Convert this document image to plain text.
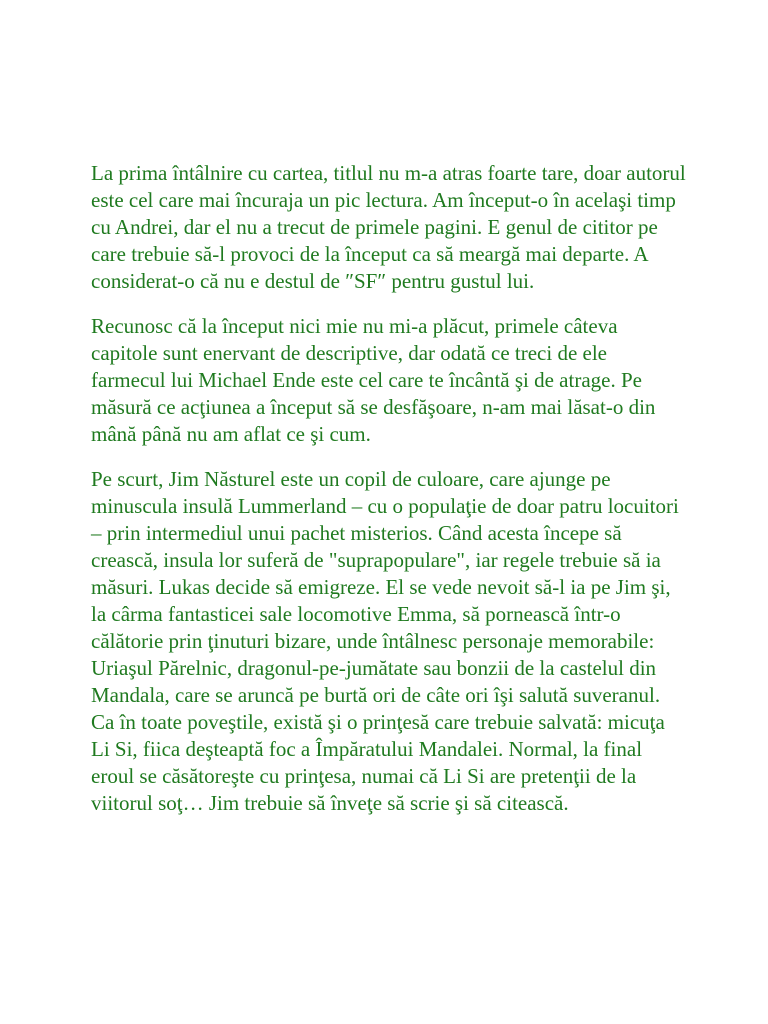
La prima întâlnire cu cartea, titlul nu m-a atras foarte tare, doar autorul este cel care mai încuraja un pic lectura. Am început-o în acelaşi timp cu Andrei, dar el nu a trecut de primele pagini. E genul de cititor pe care trebuie să-l provoci de la început ca să meargă mai departe. A considerat-o că nu e destul de ″SF″ pentru gustul lui.

Recunosc că la început nici mie nu mi-a plăcut, primele câteva capitole sunt enervant de descriptive, dar odată ce treci de ele farmecul lui Michael Ende este cel care te încântă şi de atrage. Pe măsură ce acţiunea a început să se desfăşoare, n-am mai lăsat-o din mână până nu am aflat ce şi cum.

Pe scurt, Jim Năsturel este un copil de culoare, care ajunge pe minuscula insulă Lummerland – cu o populaţie de doar patru locuitori – prin intermediul unui pachet misterios. Când acesta începe să crească, insula lor suferă de "suprapopulare", iar regele trebuie să ia măsuri. Lukas decide să emigreze. El se vede nevoit să-l ia pe Jim şi, la cârma fantasticei sale locomotive Emma, să pornească într-o călătorie prin ţinuturi bizare, unde întâlnesc personaje memorabile: Uriaşul Părelnic, dragonul-pe-jumătate sau bonzii de la castelul din Mandala, care se aruncă pe burtă ori de câte ori îşi salută suveranul. Ca în toate poveştile, există şi o prinţesă care trebuie salvată: micuţa Li Si, fiica deşteaptă foc a Împăratului Mandalei. Normal, la final eroul se căsătoreşte cu prinţesa, numai că Li Si are pretenţii de la viitorul soţ… Jim trebuie să înveţe să scrie şi să citească.
